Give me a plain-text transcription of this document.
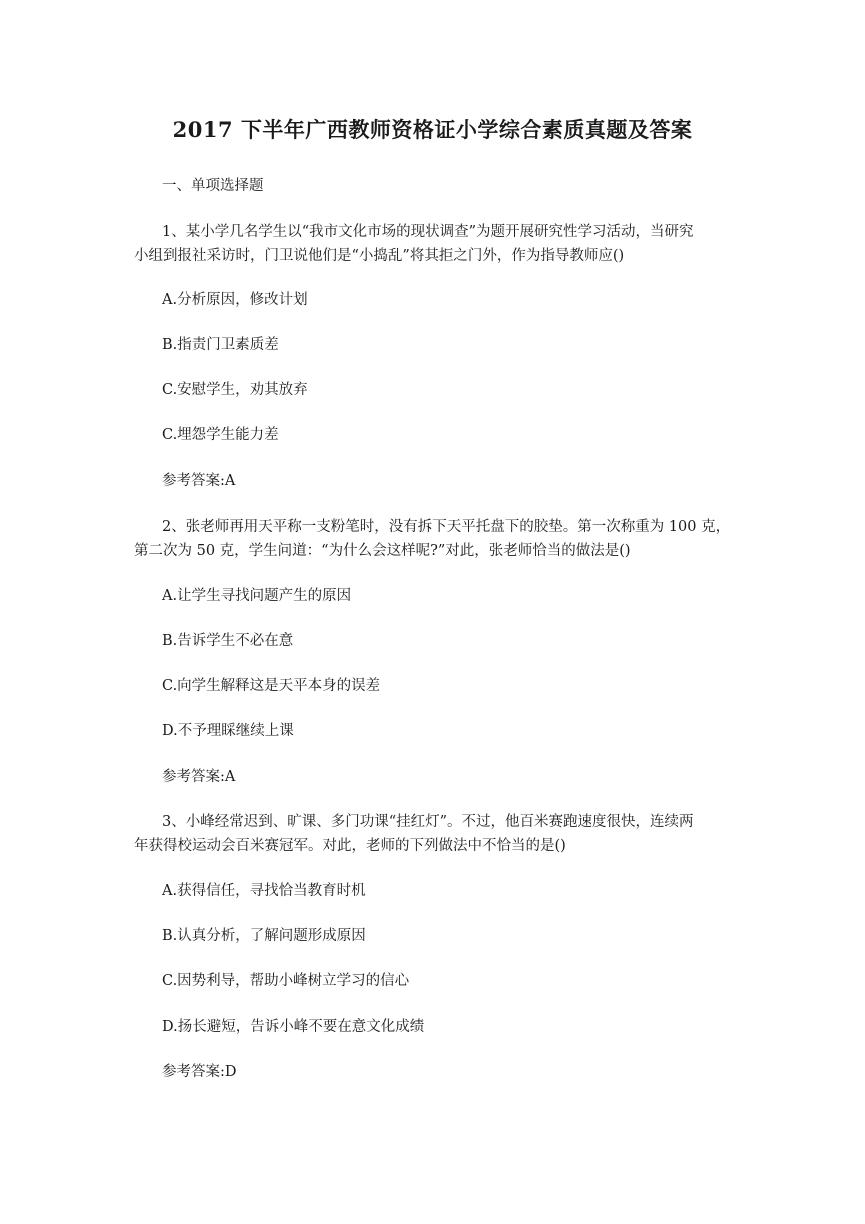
2017 下半年广西教师资格证小学综合素质真题及答案
一、单项选择题
1、某小学几名学生以“我市文化市场的现状调查”为题开展研究性学习活动，当研究
小组到报社采访时，门卫说他们是“小捣乱”将其拒之门外，作为指导教师应()
A.分析原因，修改计划
B.指责门卫素质差
C.安慰学生，劝其放弃
C.埋怨学生能力差
参考答案:A
2、张老师再用天平称一支粉笔时，没有拆下天平托盘下的胶垫。第一次称重为 100 克，
第二次为 50 克，学生问道：“为什么会这样呢?”对此，张老师恰当的做法是()
A.让学生寻找问题产生的原因
B.告诉学生不必在意
C.向学生解释这是天平本身的误差
D.不予理睬继续上课
参考答案:A
3、小峰经常迟到、旷课、多门功课“挂红灯”。不过，他百米赛跑速度很快，连续两
年获得校运动会百米赛冠军。对此，老师的下列做法中不恰当的是()
A.获得信任，寻找恰当教育时机
B.认真分析，了解问题形成原因
C.因势利导，帮助小峰树立学习的信心
D.扬长避短，告诉小峰不要在意文化成绩
参考答案:D
